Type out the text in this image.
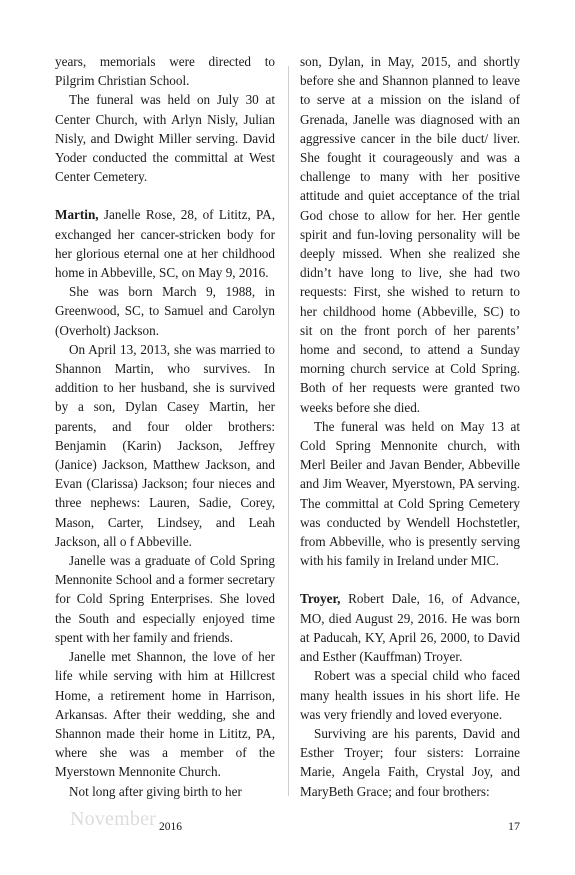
years, memorials were directed to Pilgrim Christian School.

The funeral was held on July 30 at Center Church, with Arlyn Nisly, Julian Nisly, and Dwight Miller serving. David Yoder conducted the committal at West Center Cemetery.

Martin, Janelle Rose, 28, of Lititz, PA, exchanged her cancer-stricken body for her glorious eternal one at her childhood home in Abbeville, SC, on May 9, 2016.

She was born March 9, 1988, in Greenwood, SC, to Samuel and Carolyn (Overholt) Jackson.

On April 13, 2013, she was married to Shannon Martin, who survives. In addition to her husband, she is survived by a son, Dylan Casey Martin, her parents, and four older brothers: Benjamin (Karin) Jackson, Jeffrey (Janice) Jackson, Matthew Jackson, and Evan (Clarissa) Jackson; four nieces and three nephews: Lauren, Sadie, Corey, Mason, Carter, Lindsey, and Leah Jackson, all o f Abbeville.

Janelle was a graduate of Cold Spring Mennonite School and a former secretary for Cold Spring Enterprises. She loved the South and especially enjoyed time spent with her family and friends.

Janelle met Shannon, the love of her life while serving with him at Hillcrest Home, a retirement home in Harrison, Arkansas. After their wedding, she and Shannon made their home in Lititz, PA, where she was a member of the Myerstown Mennonite Church.

Not long after giving birth to her

son, Dylan, in May, 2015, and shortly before she and Shannon planned to leave to serve at a mission on the island of Grenada, Janelle was diagnosed with an aggressive cancer in the bile duct/ liver. She fought it courageously and was a challenge to many with her positive attitude and quiet acceptance of the trial God chose to allow for her. Her gentle spirit and fun-loving personality will be deeply missed. When she realized she didn’t have long to live, she had two requests: First, she wished to return to her childhood home (Abbeville, SC) to sit on the front porch of her parents’ home and second, to attend a Sunday morning church service at Cold Spring. Both of her requests were granted two weeks before she died.

The funeral was held on May 13 at Cold Spring Mennonite church, with Merl Beiler and Javan Bender, Abbeville and Jim Weaver, Myerstown, PA serving. The committal at Cold Spring Cemetery was conducted by Wendell Hochstetler, from Abbeville, who is presently serving with his family in Ireland under MIC.

Troyer, Robert Dale, 16, of Advance, MO, died August 29, 2016. He was born at Paducah, KY, April 26, 2000, to David and Esther (Kauffman) Troyer.

Robert was a special child who faced many health issues in his short life. He was very friendly and loved everyone.

Surviving are his parents, David and Esther Troyer; four sisters: Lorraine Marie, Angela Faith, Crystal Joy, and MaryBeth Grace; and four brothers:

November 2016	17
